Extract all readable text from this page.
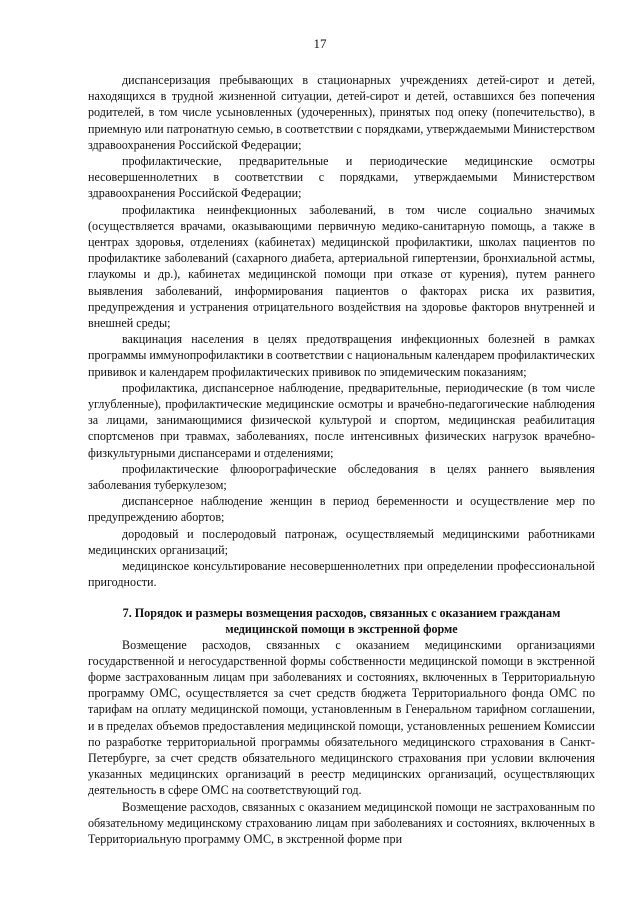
17

диспансеризация пребывающих в стационарных учреждениях детей-сирот и детей, находящихся в трудной жизненной ситуации, детей-сирот и детей, оставшихся без попечения родителей, в том числе усыновленных (удочеренных), принятых под опеку (попечительство), в приемную или патронатную семью, в соответствии с порядками, утверждаемыми Министерством здравоохранения Российской Федерации;

профилактические, предварительные и периодические медицинские осмотры несовершеннолетних в соответствии с порядками, утверждаемыми Министерством здравоохранения Российской Федерации;

профилактика неинфекционных заболеваний, в том числе социально значимых (осуществляется врачами, оказывающими первичную медико-санитарную помощь, а также в центрах здоровья, отделениях (кабинетах) медицинской профилактики, школах пациентов по профилактике заболеваний (сахарного диабета, артериальной гипертензии, бронхиальной астмы, глаукомы и др.), кабинетах медицинской помощи при отказе от курения), путем раннего выявления заболеваний, информирования пациентов о факторах риска их развития, предупреждения и устранения отрицательного воздействия на здоровье факторов внутренней и внешней среды;

вакцинация населения в целях предотвращения инфекционных болезней в рамках программы иммунопрофилактики в соответствии с национальным календарем профилактических прививок и календарем профилактических прививок по эпидемическим показаниям;

профилактика, диспансерное наблюдение, предварительные, периодические (в том числе углубленные), профилактические медицинские осмотры и врачебно-педагогические наблюдения за лицами, занимающимися физической культурой и спортом, медицинская реабилитация спортсменов при травмах, заболеваниях, после интенсивных физических нагрузок врачебно-физкультурными диспансерами и отделениями;

профилактические флюорографические обследования в целях раннего выявления заболевания туберкулезом;

диспансерное наблюдение женщин в период беременности и осуществление мер по предупреждению абортов;

дородовый и послеродовый патронаж, осуществляемый медицинскими работниками медицинских организаций;

медицинское консультирование несовершеннолетних при определении профессиональной пригодности.

7. Порядок и размеры возмещения расходов, связанных с оказанием гражданам
медицинской помощи в экстренной форме

Возмещение расходов, связанных с оказанием медицинскими организациями государственной и негосударственной формы собственности медицинской помощи в экстренной форме застрахованным лицам при заболеваниях и состояниях, включенных в Территориальную программу ОМС, осуществляется за счет средств бюджета Территориального фонда ОМС по тарифам на оплату медицинской помощи, установленным в Генеральном тарифном соглашении, и в пределах объемов предоставления медицинской помощи, установленных решением Комиссии по разработке территориальной программы обязательного медицинского страхования в Санкт-Петербурге, за счет средств обязательного медицинского страхования при условии включения указанных медицинских организаций в реестр медицинских организаций, осуществляющих деятельность в сфере ОМС на соответствующий год.

Возмещение расходов, связанных с оказанием медицинской помощи не застрахованным по обязательному медицинскому страхованию лицам при заболеваниях и состояниях, включенных в Территориальную программу ОМС, в экстренной форме при
